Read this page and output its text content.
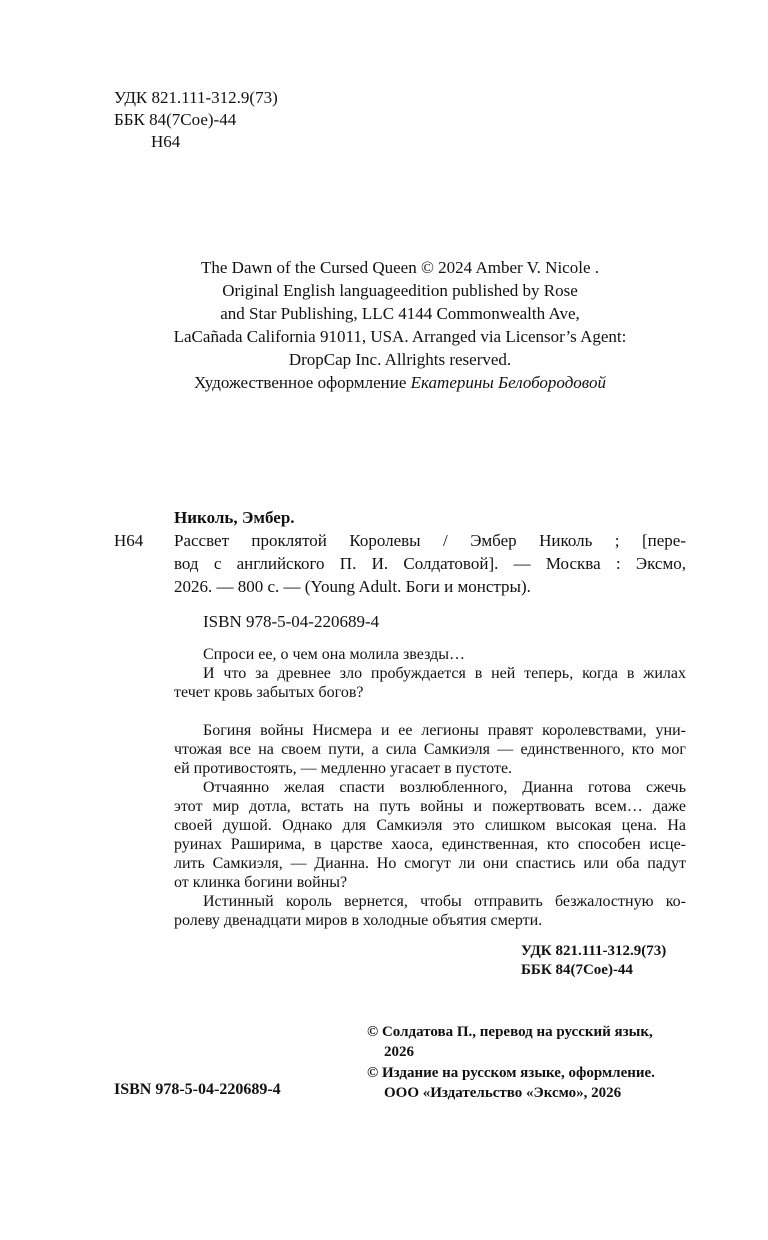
УДК 821.111-312.9(73)
ББК 84(7Сое)-44
Н64
The Dawn of the Cursed Queen © 2024 Amber V. Nicole .
Original English languageedition published by Rose
and Star Publishing, LLC 4144 Commonwealth Ave,
LaCañada California 91011, USA. Arranged via Licensor’s Agent:
DropCap Inc. Allrights reserved.
Художественное оформление Екатерины Белобородовой
Николь, Эмбер.
Н64 Рассвет проклятой Королевы / Эмбер Николь ; [пере-
вод с английского П. И. Солдатовой]. — Москва : Эксмо,
2026. — 800 с. — (Young Adult. Боги и монстры).
ISBN 978-5-04-220689-4
Спроси ее, о чем она молила звезды…
И что за древнее зло пробуждается в ней теперь, когда в жилах
течет кровь забытых богов?
Богиня войны Нисмера и ее легионы правят королевствами, уни-
чтожая все на своем пути, а сила Самкиэля — единственного, кто мог
ей противостоять, — медленно угасает в пустоте.
Отчаянно желая спасти возлюбленного, Дианна готова сжечь
этот мир дотла, встать на путь войны и пожертвовать всем… даже
своей душой. Однако для Самкиэля это слишком высокая цена. На
руинах Раширима, в царстве хаоса, единственная, кто способен исце-
лить Самкиэля, — Дианна. Но смогут ли они спастись или оба падут
от клинка богини войны?
Истинный король вернется, чтобы отправить безжалостную ко-
ролеву двенадцати миров в холодные объятия смерти.
УДК 821.111-312.9(73)
ББК 84(7Сое)-44
© Солдатова П., перевод на русский язык,
2026
© Издание на русском языке, оформление.
ООО «Издательство «Эксмо», 2026
ISBN 978-5-04-220689-4
